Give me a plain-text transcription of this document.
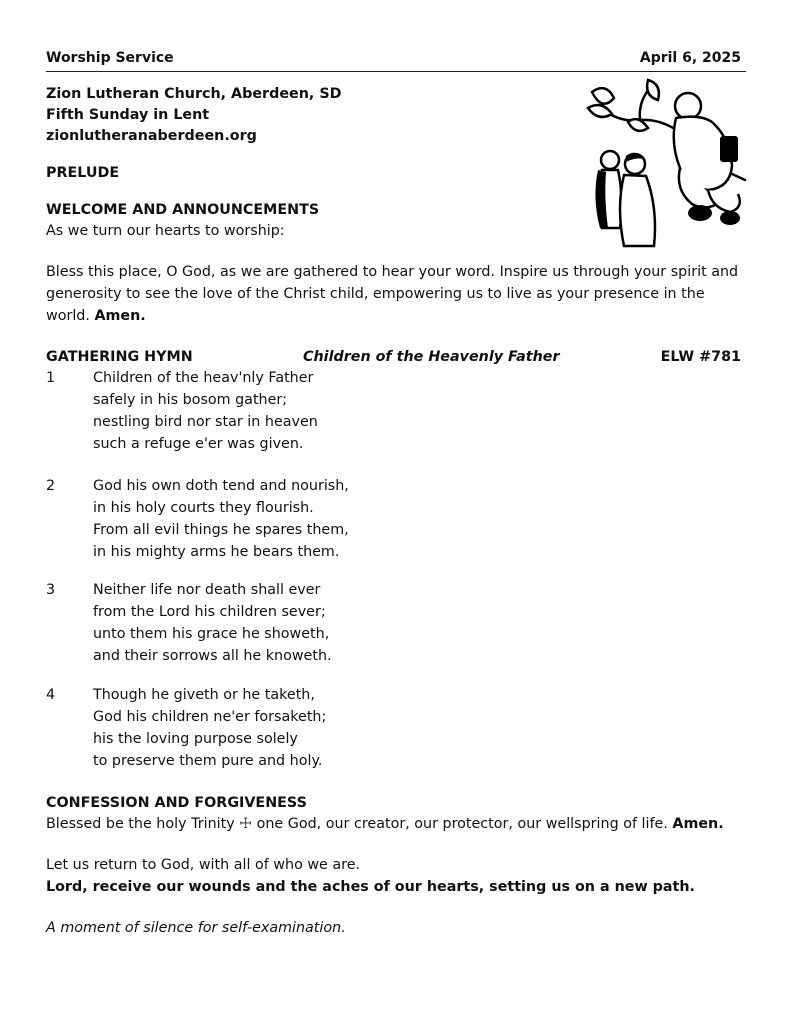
Worship Service	April 6, 2025
Zion Lutheran Church, Aberdeen, SD
Fifth Sunday in Lent
zionlutheranaberdeen.org
PRELUDE
WELCOME AND ANNOUNCEMENTS
As we turn our hearts to worship:
Bless this place, O God, as we are gathered to hear your word. Inspire us through your spirit and generosity to see the love of the Christ child, empowering us to live as your presence in the world. Amen.
GATHERING HYMN	Children of the Heavenly Father	ELW #781
1	Children of the heav'nly Father
safely in his bosom gather;
nestling bird nor star in heaven
such a refuge e'er was given.
2	God his own doth tend and nourish,
in his holy courts they flourish.
From all evil things he spares them,
in his mighty arms he bears them.
3	Neither life nor death shall ever
from the Lord his children sever;
unto them his grace he showeth,
and their sorrows all he knoweth.
4	Though he giveth or he taketh,
God his children ne'er forsaketh;
his the loving purpose solely
to preserve them pure and holy.
CONFESSION AND FORGIVENESS
Blessed be the holy Trinity ☩ one God, our creator, our protector, our wellspring of life. Amen.
Let us return to God, with all of who we are.
Lord, receive our wounds and the aches of our hearts, setting us on a new path.
A moment of silence for self-examination.
